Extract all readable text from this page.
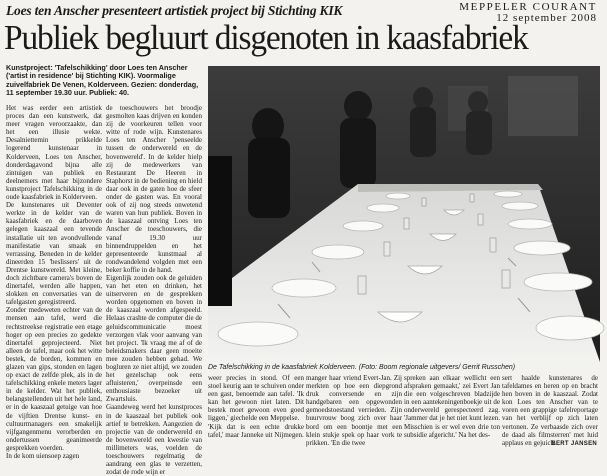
Loes ten Anscher presenteert artistiek project bij Stichting KIK	MEPPELER COURANT
12 september 2008
Publiek begluurt disgenoten in kaasfabriek
Kunstproject: 'Tafelschikking' door Loes ten Anscher ('artist in residence' bij Stichting KIK). Voormalige zuivelfabriek De Venen, Kolderveen. Gezien: donderdag, 11 september 19.30 uur. Publiek: 40.
Het was eerder een artistiek proces dan een kunstwerk, dat meer vragen veroorzaakte, dan het een illusie wekte. Desalniettemin prikkelde logerend kunstenaar in Kolderveen, Loes ten Anscher, donderdagavond bijna alle zintuigen van publiek en deelnemers met haar bijzondere kunstproject Tafelschikking in de oude kaasfabriek in Kolderveen.
De kunstenares uit Deventer werkte in de kelder van de kaasfabriek en de daarboven gelegen kaaszaal een tevende installatie uit ten avondvullende manifestatie van smaak en verrassing. Beneden in de kelder dineerden 15 'beslissers' uit de Drentse kunstwereld. Met kleine, doch zichtbare camera's boven de dinertafel, werden alle happen, slokken en conversaties van de tafelgasten geregistreerd.
Zonder medeweten echter van de mensen aan tafel, werd die rechtstreekse registratie een etage hoger op een precies zo gedekte dinertafel geprojecteerd. Niet alleen de tafel, maar ook het witte bestek, de borden, kommen en glazen van gips, stonden en lagen op exact de zelfde plek, als in de tafelschikking enkele meters lager in de kelder. Wat het publiek, belangstellenden uit het hele land, er in de kaaszaal getuige van hoe de vijftien Drentse kunst- en cultuurmanagers een smakelijk vijfgangenmenu verorberden en ondertussen geanimeerde gesprekken voerden.
In de kom uiensoep zagen
de toeschouwers het broodje gesmolten kaas drijven en konden zij de voorkeuren tellen voor witte of rode wijn. Kunstenares Loes ten Anscher 'penseelde tussen de onderwereld en de bovenwereld'. In de kelder hielp zij de medewerkers van Restaurant De Heeren in Staphorst in de bediening en hield daar ook in de gaten hoe de sfeer onder de gasten was. En vooral ook of zij nog steeds onwetend waren van hun publiek. Boven in de kaaszaal ontving Loes ten Anscher de toeschouwers, die vanaf 19.30 uur binnendruppelden en het gepresenteerde kunstmaal al rondwandelend volgden met een beker koffie in de hand.
Eigenlijk zouden ook de geluiden van het eten en drinken, het uitserveren en de gesprekken worden opgenomen en boven in de kaaszaal worden afgespeeld. Helaas crashte de computer die de geluidscommunicatie moest verzorgen vlak voor aanvang van het project. 'Ik vraag me af of de beleidsmakers daar geen moeite mee zouden hebben gehad. We bogluren ze niet altijd, we zouden het gezelschap ook eens afluisteren,' overpeinsde een enthousiaste bezoeker uit Zwartsluis.
Gaandeweg werd het kunstproces in de kaaszaal het publiek ook artief te betrekken. Aangezien de projectie van de onderwereld en de bovenwereld een kwestie van millimeters was, voelden de toeschouwers regelmatig de aandrang een glas te verzetten, zodat de rode wijn er
De Tafelschikking in de kaasfabriek Kolderveen. (Foto: Boom regionale uitgevers/ Gerrit Russchen)
weer precies in stond. Of een stoel keurig aan te schuiven onder een gast, benoemde aan tafel. 'Ik kan het gewoon niet laten. Dit bestek moet gewoon even goed liggen,' giechelde een Meppelse.
'Kijk dat is een echte drukke tafel,' maar Janneke uit Nijmegen.
manger haar vriend Evert-Jan. Zij merkten op hoe een diepgrond druk conversende en zijn handgebaren een opgewonden gemoedstoestand verrieden. Zijn buurvrouw boog zich over haar bord om een boontje met een klein stukje spek op haar vork te prikken. 'En die twee
spreken aan elkaar wellicht een afspraken gemaakt,' zei Evert Jan die een volgeschreven bladzijde in een aantekeningenboekje uit de onderwereld gerespecteerd zag. 'Jammer dat je het niet kunt lezen. Misschien is er wel even drie ton subsidie afgericht.' Na het des-
sert haalde kunstenares de tafeldames en heren op en bracht hen boven in de kaaszaal. Zodat kon Loes ten Anscher van te voren een grappige tafelreportage van het verblijf op zich laten vertonen. Ze verbaasde zich over de daad als filmsterren' met luid applaus en gejuich.
BERT JANSEN
